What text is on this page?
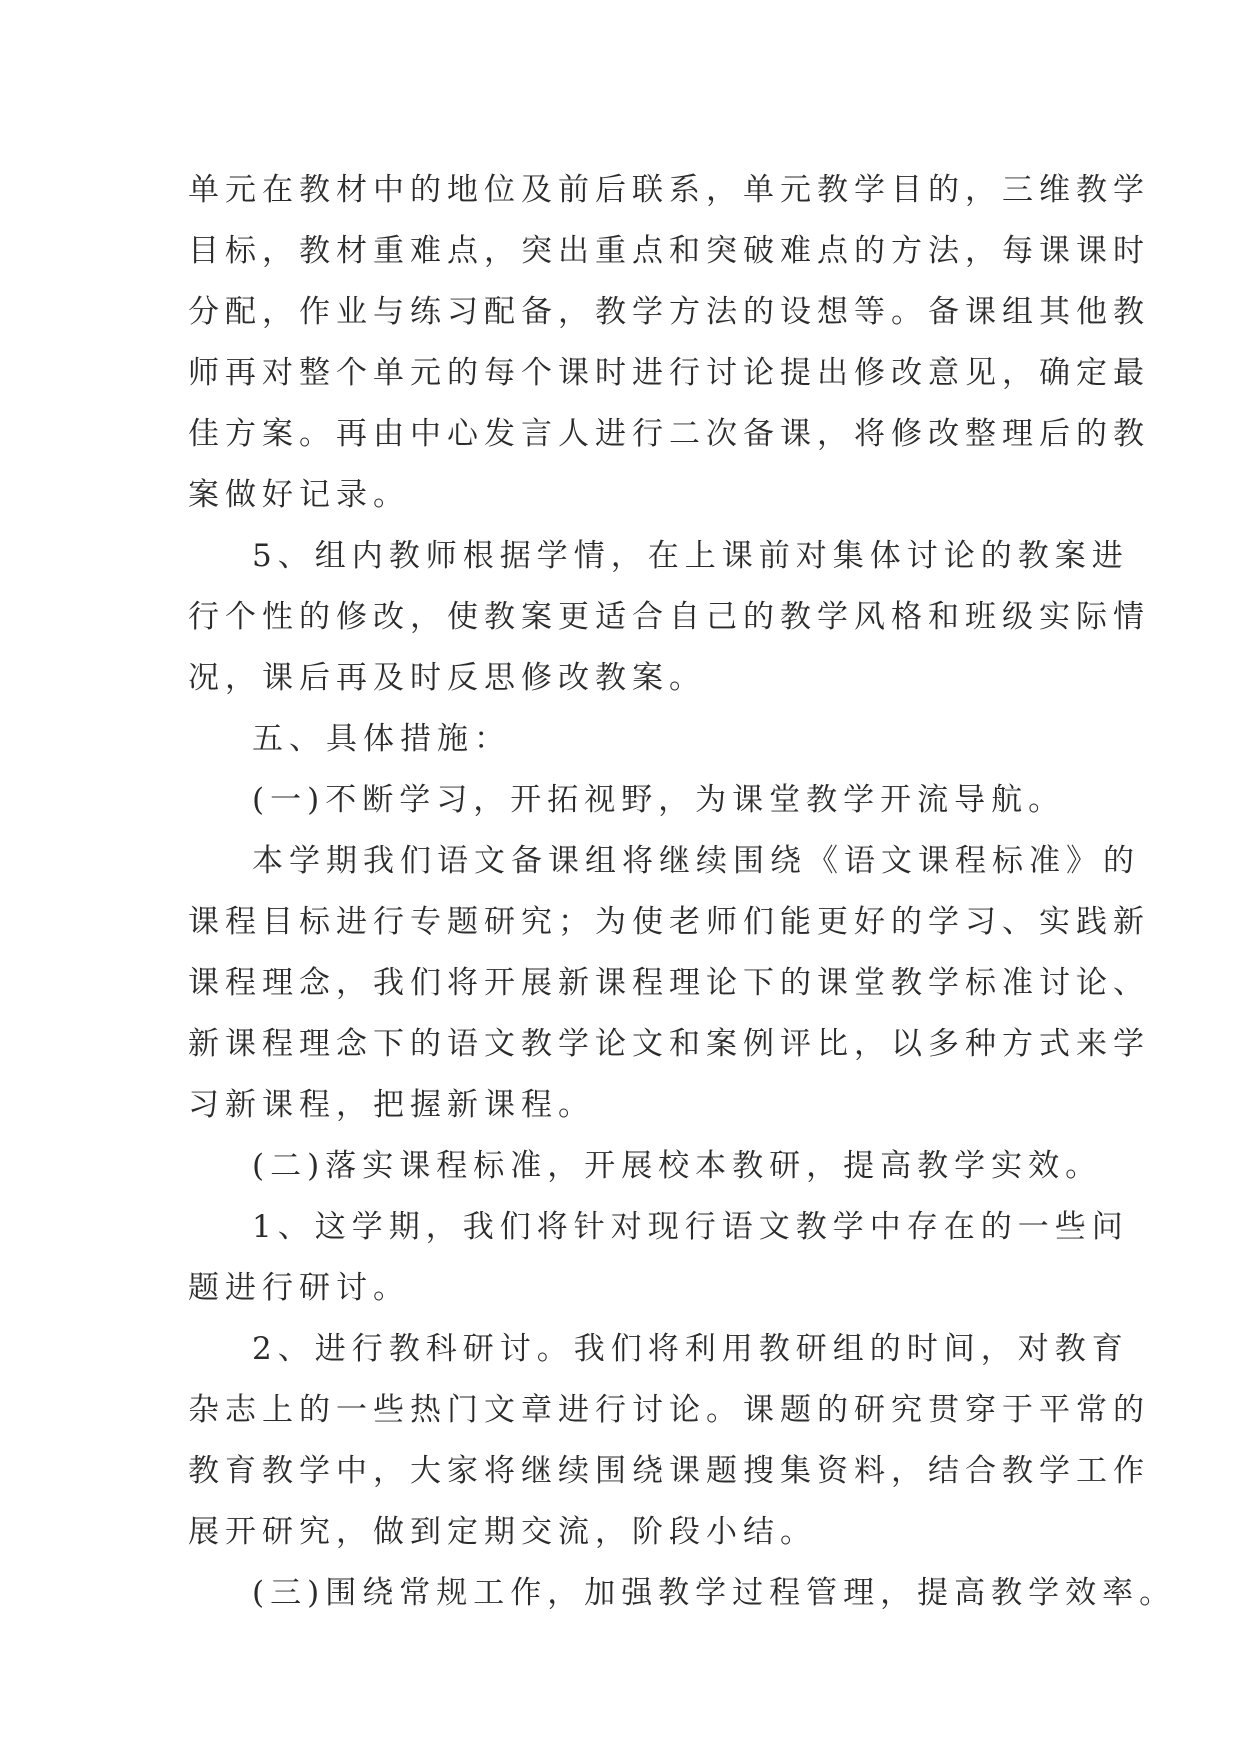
单元在教材中的地位及前后联系，单元教学目的，三维教学
目标，教材重难点，突出重点和突破难点的方法，每课课时
分配，作业与练习配备，教学方法的设想等。备课组其他教
师再对整个单元的每个课时进行讨论提出修改意见，确定最
佳方案。再由中心发言人进行二次备课，将修改整理后的教
案做好记录。
5、组内教师根据学情，在上课前对集体讨论的教案进
行个性的修改，使教案更适合自己的教学风格和班级实际情
况，课后再及时反思修改教案。
五、具体措施：
(一)不断学习，开拓视野，为课堂教学开流导航。
本学期我们语文备课组将继续围绕《语文课程标准》的
课程目标进行专题研究；为使老师们能更好的学习、实践新
课程理念，我们将开展新课程理论下的课堂教学标准讨论、
新课程理念下的语文教学论文和案例评比，以多种方式来学
习新课程，把握新课程。
(二)落实课程标准，开展校本教研，提高教学实效。
1、这学期，我们将针对现行语文教学中存在的一些问
题进行研讨。
2、进行教科研讨。我们将利用教研组的时间，对教育
杂志上的一些热门文章进行讨论。课题的研究贯穿于平常的
教育教学中，大家将继续围绕课题搜集资料，结合教学工作
展开研究，做到定期交流，阶段小结。
(三)围绕常规工作，加强教学过程管理，提高教学效率。
